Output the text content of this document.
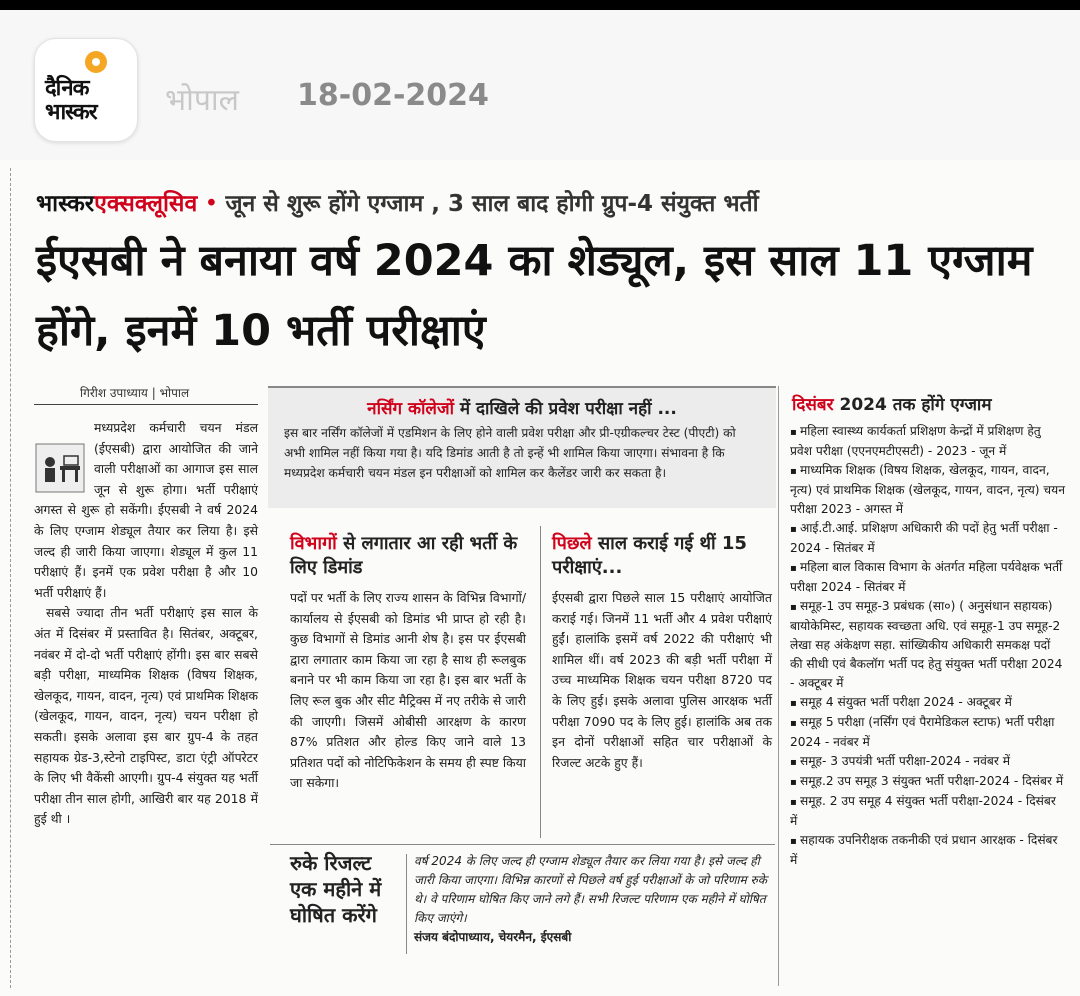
दैनिक
भास्कर	भोपाल 18-02-2024
भास्करएक्सक्लूसिव • जून से शुरू होंगे एग्जाम , 3 साल बाद होगी ग्रुप-4 संयुक्त भर्ती
ईएसबी ने बनाया वर्ष 2024 का शेड्यूल, इस साल 11 एग्जाम होंगे, इनमें 10 भर्ती परीक्षाएं
गिरीश उपाध्याय | भोपाल

मध्यप्रदेश कर्मचारी चयन मंडल (ईएसबी) द्वारा आयोजित की जाने वाली परीक्षाओं का आगाज इस साल जून से शुरू होगा। भर्ती परीक्षाएं अगस्त से शुरू हो सकेंगी। ईएसबी ने वर्ष 2024 के लिए एग्जाम शेड्यूल तैयार कर लिया है। इसे जल्द ही जारी किया जाएगा। शेड्यूल में कुल 11 परीक्षाएं हैं। इनमें एक प्रवेश परीक्षा है और 10 भर्ती परीक्षाएं हैं।

सबसे ज्यादा तीन भर्ती परीक्षाएं इस साल के अंत में दिसंबर में प्रस्तावित है। सितंबर, अक्टूबर, नवंबर में दो-दो भर्ती परीक्षाएं होंगी। इस बार सबसे बड़ी परीक्षा, माध्यमिक शिक्षक (विषय शिक्षक, खेलकूद, गायन, वादन, नृत्य) एवं प्राथमिक शिक्षक (खेलकूद, गायन, वादन, नृत्य) चयन परीक्षा हो सकती। इसके अलावा इस बार ग्रुप-4 के तहत सहायक ग्रेड-3,स्टेनो टाइपिस्ट, डाटा एंट्री ऑपरेटर के लिए भी वैकेंसी आएगी। ग्रुप-4 संयुक्त यह भर्ती परीक्षा तीन साल होगी, आखिरी बार यह 2018 में हुई थी ।

नर्सिंग कॉलेजों में दाखिले की प्रवेश परीक्षा नहीं ...
इस बार नर्सिंग कॉलेजों में एडमिशन के लिए होने वाली प्रवेश परीक्षा और प्री-एग्रीकल्चर टेस्ट (पीएटी) को अभी शामिल नहीं किया गया है। यदि डिमांड आती है तो इन्हें भी शामिल किया जाएगा। संभावना है कि मध्यप्रदेश कर्मचारी चयन मंडल इन परीक्षाओं को शामिल कर कैलेंडर जारी कर सकता है।
विभागों से लगातार आ रही भर्ती के लिए डिमांड
पदों पर भर्ती के लिए राज्य शासन के विभिन्न विभागों/कार्यालय से ईएसबी को डिमांड भी प्राप्त हो रही है। कुछ विभागों से डिमांड आनी शेष है। इस पर ईएसबी द्वारा लगातार काम किया जा रहा है साथ ही रूलबुक बनाने पर भी काम किया जा रहा है। इस बार भर्ती के लिए रूल बुक और सीट मैट्रिक्स में नए तरीके से जारी की जाएगी। जिसमें ओबीसी आरक्षण के कारण 87% प्रतिशत और होल्ड किए जाने वाले 13 प्रतिशत पदों को नोटिफिकेशन के समय ही स्पष्ट किया जा सकेगा।
पिछले साल कराई गई थीं 15 परीक्षाएं...
ईएसबी द्वारा पिछले साल 15 परीक्षाएं आयोजित कराई गई। जिनमें 11 भर्ती और 4 प्रवेश परीक्षाएं हुईं। हालांकि इसमें वर्ष 2022 की परीक्षाएं भी शामिल थीं। वर्ष 2023 की बड़ी भर्ती परीक्षा में उच्च माध्यमिक शिक्षक चयन परीक्षा 8720 पद के लिए हुई। इसके अलावा पुलिस आरक्षक भर्ती परीक्षा 7090 पद के लिए हुई। हालांकि अब तक इन दोनों परीक्षाओं सहित चार परीक्षाओं के रिजल्ट अटके हुए हैं।
रुके रिजल्ट एक महीने में घोषित करेंगे
वर्ष 2024 के लिए जल्द ही एग्जाम शेड्यूल तैयार कर लिया गया है। इसे जल्द ही जारी किया जाएगा। विभिन्न कारणों से पिछले वर्ष हुई परीक्षाओं के जो परिणाम रुके थे। वे परिणाम घोषित किए जाने लगे हैं। सभी रिजल्ट परिणाम एक महीने में घोषित किए जाएंगे।
संजय बंदोपाध्याय, चेयरमैन, ईएसबी
दिसंबर 2024 तक होंगे एग्जाम
▪ महिला स्वास्थ्य कार्यकर्ता प्रशिक्षण केन्द्रों में प्रशिक्षण हेतु प्रवेश परीक्षा (एएनएमटीएसटी) - 2023 - जून में
▪ माध्यमिक शिक्षक (विषय शिक्षक, खेलकूद, गायन, वादन, नृत्य) एवं प्राथमिक शिक्षक (खेलकूद, गायन, वादन, नृत्य) चयन परीक्षा 2023 - अगस्त में
▪ आई.टी.आई. प्रशिक्षण अधिकारी की पदों हेतु भर्ती परीक्षा - 2024 - सितंबर में
▪ महिला बाल विकास विभाग के अंतर्गत महिला पर्यवेक्षक भर्ती परीक्षा 2024 - सितंबर में
▪ समूह-1 उप समूह-3 प्रबंधक (सा०) ( अनुसंधान सहायक) बायोकेमिस्ट, सहायक स्वच्छता अधि. एवं समूह-1 उप समूह-2 लेखा सह अंकेक्षण सहा. सांख्यिकीय अधिकारी समकक्ष पदों की सीधी एवं बैकलॉग भर्ती पद हेतु संयुक्त भर्ती परीक्षा 2024 - अक्टूबर में
▪ समूह 4 संयुक्त भर्ती परीक्षा 2024 - अक्टूबर में
▪ समूह 5 परीक्षा (नर्सिंग एवं पैरामेडिकल स्टाफ) भर्ती परीक्षा 2024 - नवंबर में
▪ समूह- 3 उपयंत्री भर्ती परीक्षा-2024 - नवंबर में
▪ समूह.2 उप समूह 3 संयुक्त भर्ती परीक्षा-2024 - दिसंबर में
▪ समूह. 2 उप समूह 4 संयुक्त भर्ती परीक्षा-2024 - दिसंबर में
▪ सहायक उपनिरीक्षक तकनीकी एवं प्रधान आरक्षक - दिसंबर में
